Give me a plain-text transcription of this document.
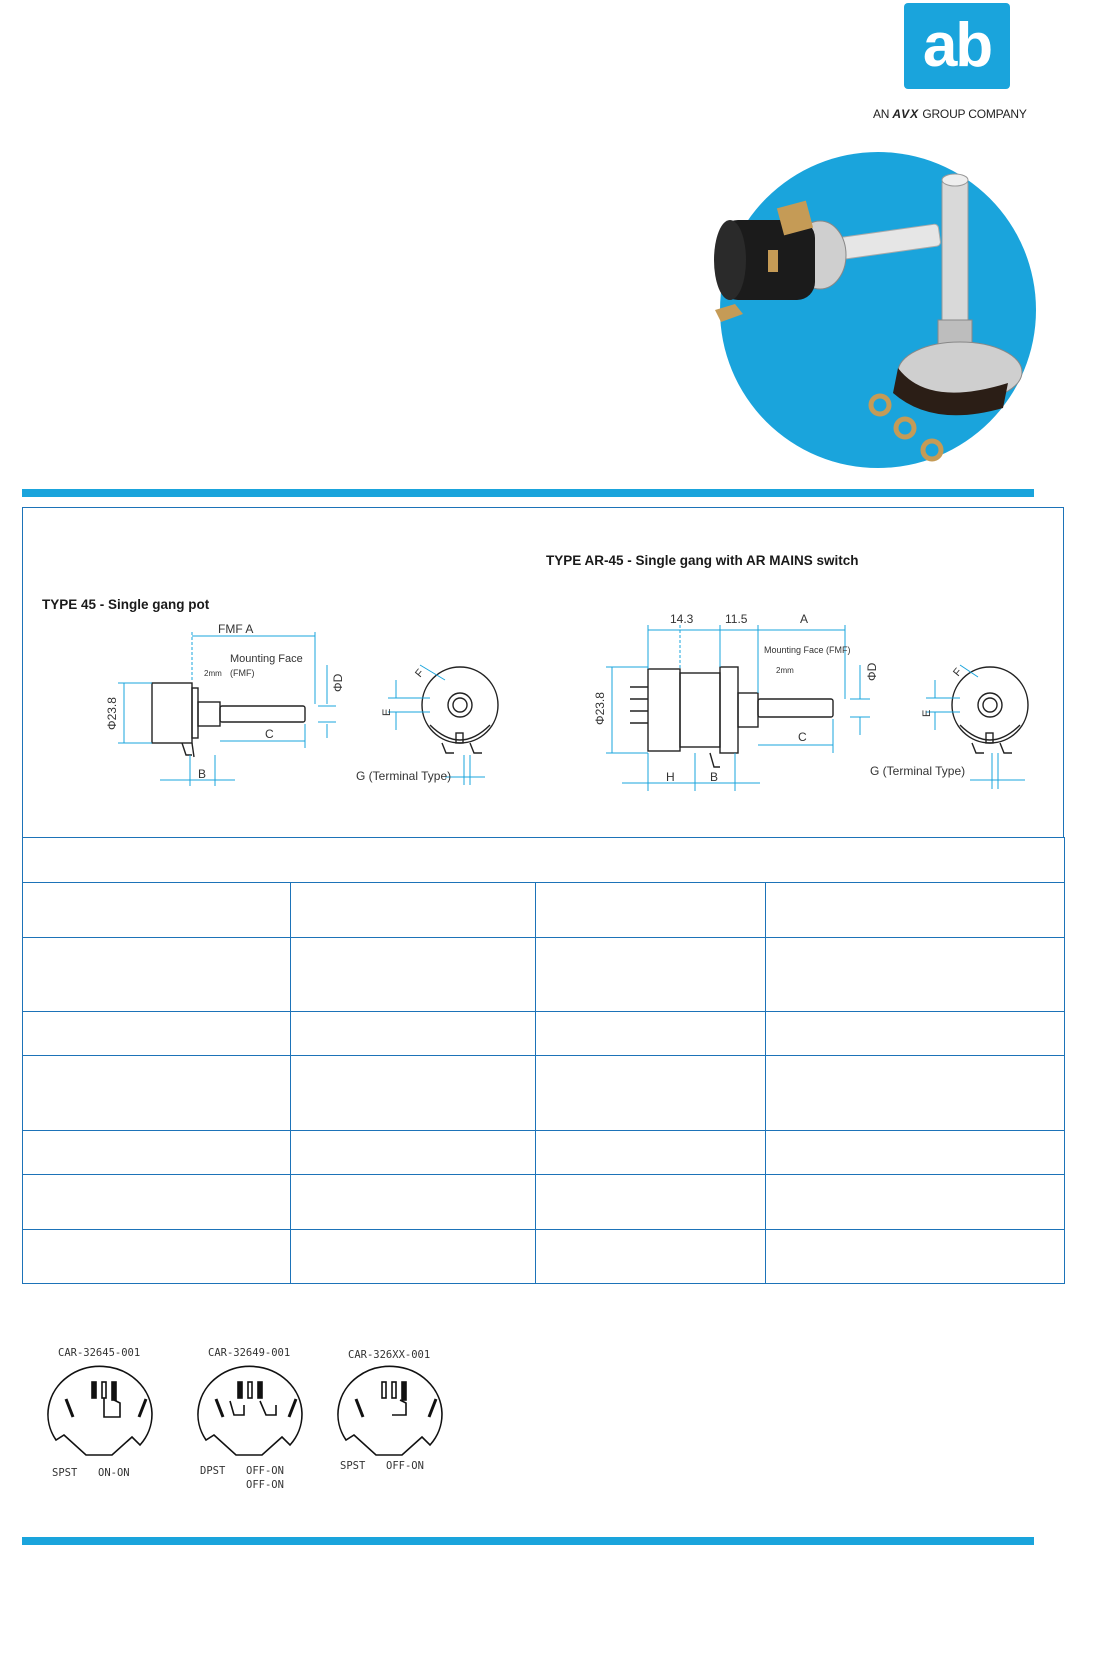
ab
AN AVX GROUP COMPANY
TYPE 45 - Single gang pot
TYPE AR-45 - Single gang with AR MAINS switch
FMF A
Mounting Face
(FMF)
2mm
ΦD
Φ23.8
C
B
E
F
G (Terminal Type)
14.3	11.5	A
Mounting Face (FMF)
2mm	ΦD
Φ23.8
C
H	B
E
F
G (Terminal Type)

CAR-32645-001	CAR-32649-001	CAR-326XX-001
SPST ON-ON	DPST OFF-ON
OFF-ON
SPST OFF-ON
